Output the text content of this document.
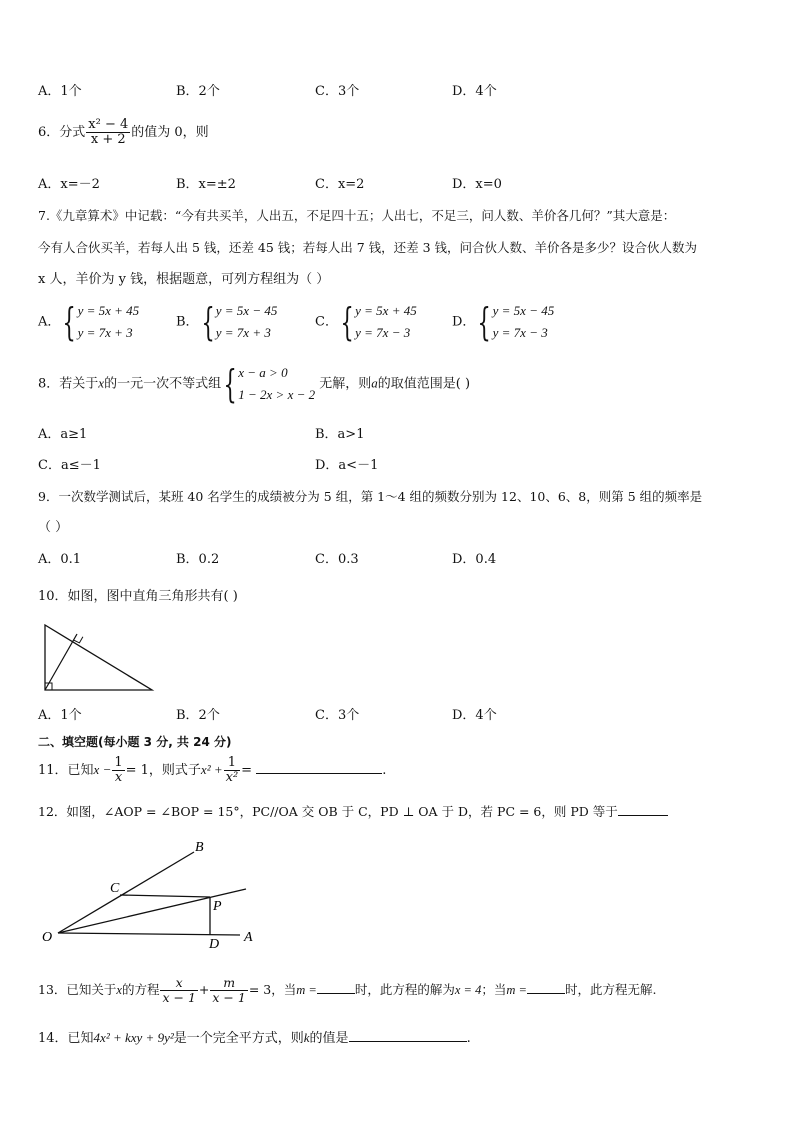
A．1个	B．2个	C．3个	D．4个
6．分式 $\frac{\text{x² − 4}}{x + 2}$ 的值为 0，则
A．x=－2	B．x=±2	C．x=2	D．x=0
7.《九章算术》中记载：“今有共买羊，人出五，不足四十五；人出七，不足三，问人数、羊价各几何？”其大意是：
今有人合伙买羊，若每人出 5 钱，还差 45 钱；若每人出 7 钱，还差 3 钱，问合伙人数、羊价各是多少？设合伙人数为
x 人，羊价为 y 钱，根据题意，可列方程组为（ ）
A．{ y = 5x + 45
y = 7x + 3
B．{ y = 5x − 45
y = 7x + 3
C．{ y = 5x + 45
y = 7x − 3
D．{ y = 5x − 45
y = 7x − 3
8．若关于x的一元一次不等式组{ x − a > 0
1 − 2x > x − 2
无解，则a的取值范围是( )
A．a≥1	B．a>1
C．a≤－1	D．a<－1
9．一次数学测试后，某班 40 名学生的成绩被分为 5 组，第 1～4 组的频数分别为 12、10、6、8，则第 5 组的频率是
（ ）
A．0.1	B．0.2	C．0.3	D．0.4
10．如图，图中直角三角形共有( )
A．1个	B．2个	C．3个	D．4个
二、填空题(每小题 3 分, 共 24 分)
11．已知$x - \frac{1}{x} = 1$，则式子$x^2 + \frac{1}{\text{x²}}$ =	.
12．如图，∠AOP = ∠BOP = 15°，PC//OA 交 OB 于 C，PD ⊥ OA 于 D，若 PC = 6，则 PD 等于
B
C
P
O	D A
13．已知关于x的方程 $\frac{x}{x - 1} + \frac{m}{x - 1} = 3$，当m =	时，此方程的解为x = 4；当m =	时，此方程无解.
14．已知4x² + kxy + 9y²是一个完全平方式，则k的值是	.
